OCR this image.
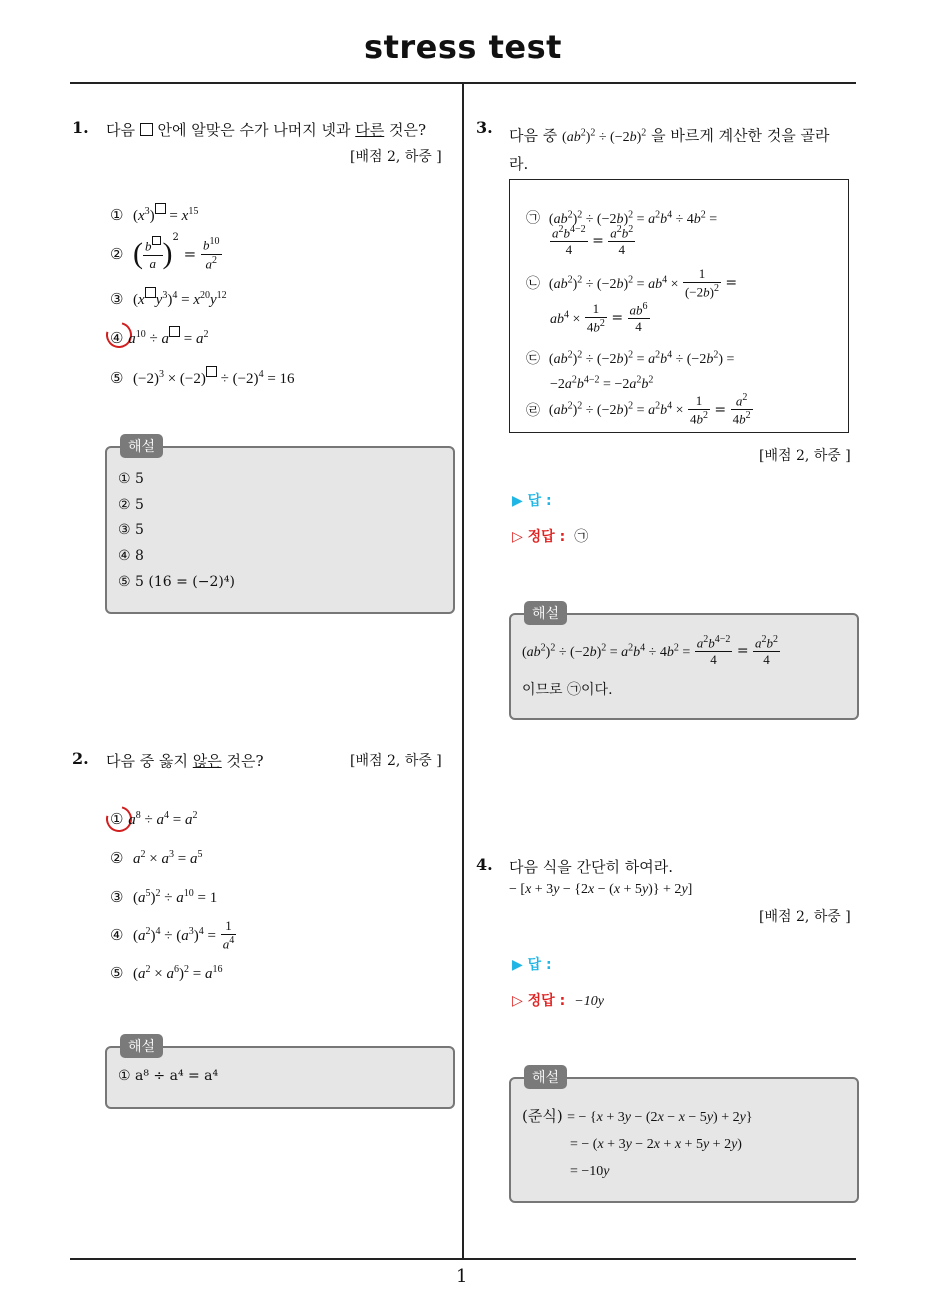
stress test
1
1. 다음  안에 알맞은 수가 나머지 넷과 다른 것은?
[배점 2, 하중 ]
① $(x^3) = x^{15}$
② ( $\frac{b}{a} )^2 = \frac{b^{10}}{a^2}$
③ (x $y^3)^4 = x^{20}y^{12}$
④ $a^{10} \div a = a^2$
⑤ $(-2)^3 \times (-2) \div (-2)^4 = 16$
해설
① 5
② 5
③ 5
④ 8
⑤ 5 (16 = (−2)⁴)
2. 다음 중 옳지 않은 것은?	[배점 2, 하중 ]
① $a^8 \div a^4 = a^2$
② $a^2 \times a^3 = a^5$
③ $(a^5)^2 \div a^{10} = 1$
④ $(a^2)^4 \div (a^3)^4 = \frac{1}{a^4}$
⑤ $(a^2 \times a^6)^2 = a^{16}$
해설
① a⁸ ÷ a⁴ = a⁴
3. 다음 중 $(ab^2)^2 \div (-2b)^2$ 을 바르게 계산한 것을 골라
라.
㉠ $(ab^2)^2 \div (-2b)^2 = a^2b^4 \div 4b^2$ =
$\frac{a^2b^{4-2}}{4} = \frac{a^2b^2}{4}$
㉡ $(ab^2)^2 \div (-2b)^2 = ab^4 \times \frac{1}{(-2b)^2}$ =
$ab^4 \times \frac{1}{4b^2} = \frac{ab^6}{4}$
㉢ $(ab^2)^2 \div (-2b)^2 = a^2b^4 \div (-2b^2)$ =
$-2a^2b^{4-2} = -2a^2b^2$
㉣ $(ab^2)^2 \div (-2b)^2 = a^2b^4 \times \frac{1}{4b^2} = \frac{a^2}{4b^2}$
[배점 2, 하중 ]
▶ 답 :
▷ 정답 : ㉠
해설
$(ab^2)^2 \div (-2b)^2 = a^2b^4 \div 4b^2 = \frac{a^2b^{4-2}}{4} = \frac{a^2b^2}{4}$
이므로 ㉠이다.
4. 다음 식을 간단히 하여라.
− [x + 3y − {2x − (x + 5y)} + 2y]
[배점 2, 하중 ]
▶ 답 :
▷ 정답 : −10y
해설
(준식) = − {x + 3y − (2x − x − 5y) + 2y}
= − (x + 3y − 2x + x + 5y + 2y)
= −10y
